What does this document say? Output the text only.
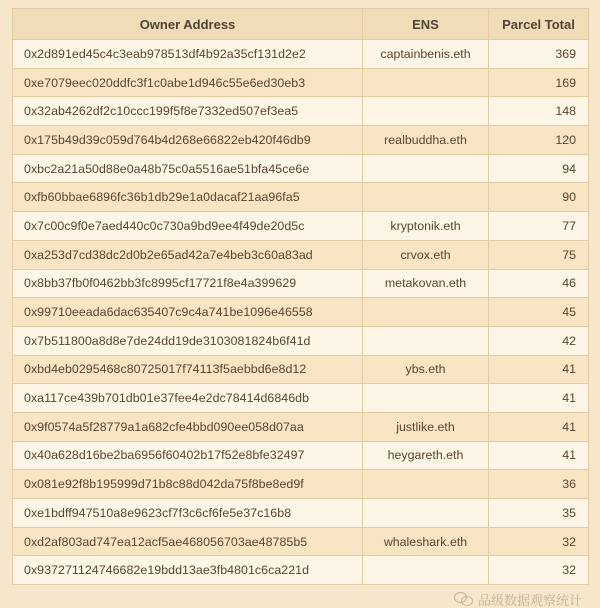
Owner Address	ENS	Parcel Total
0x2d891ed45c4c3eab978513df4b92a35cf131d2e2	captainbenis.eth	369
0xe7079eec020ddfc3f1c0abe1d946c55e6ed30eb3		169
0x32ab4262df2c10ccc199f5f8e7332ed507ef3ea5		148
0x175b49d39c059d764b4d268e66822eb420f46db9	realbuddha.eth	120
0xbc2a21a50d88e0a48b75c0a5516ae51bfa45ce6e		94
0xfb60bbae6896fc36b1db29e1a0dacaf21aa96fa5		90
0x7c00c9f0e7aed440c0c730a9bd9ee4f49de20d5c	kryptonik.eth	77
0xa253d7cd38dc2d0b2e65ad42a7e4beb3c60a83ad	crvox.eth	75
0x8bb37fb0f0462bb3fc8995cf17721f8e4a399629	metakovan.eth	46
0x99710eeada6dac635407c9c4a741be1096e46558		45
0x7b511800a8d8e7de24dd19de3103081824b6f41d		42
0xbd4eb0295468c80725017f74113f5aebbd6e8d12	ybs.eth	41
0xa117ce439b701db01e37fee4e2dc78414d6846db		41
0x9f0574a5f28779a1a682cfe4bbd090ee058d07aa	justlike.eth	41
0x40a628d16be2ba6956f60402b17f52e8bfe32497	heygareth.eth	41
0x081e92f8b195999d71b8c88d042da75f8be8ed9f		36
0xe1bdff947510a8e9623cf7f3c6cf6fe5e37c16b8		35
0xd2af803ad747ea12acf5ae468056703ae48785b5	whaleshark.eth	32
0x937271124746682e19bdd13ae3fb4801c6ca221d		32
品级数据观察统计
